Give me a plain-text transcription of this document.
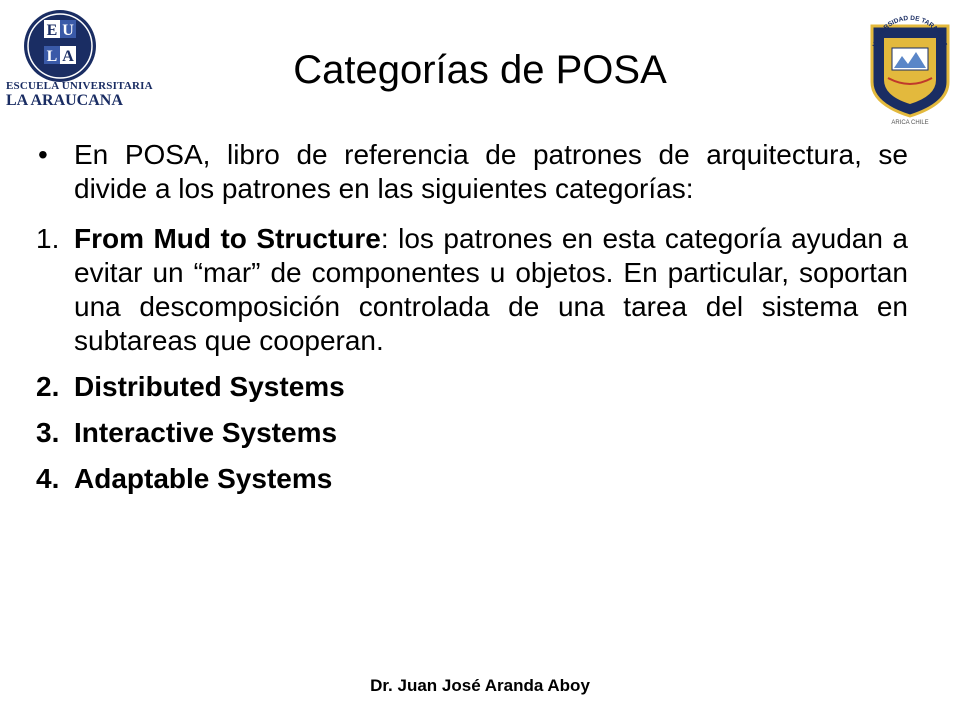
E U
L A
ESCUELA UNIVERSITARIA
LA ARAUCANA
UNIVERSIDAD DE TARAPACA
ARICA CHILE
Categorías de POSA
• En POSA, libro de referencia de patrones de arquitectura, se divide a los patrones en las siguientes categorías:
1. From Mud to Structure: los patrones en esta categoría ayudan a evitar un “mar” de componentes u objetos. En particular, soportan una descomposición controlada de una tarea del sistema en subtareas que cooperan.
2. Distributed Systems
3. Interactive Systems
4. Adaptable Systems
Dr. Juan José Aranda Aboy
